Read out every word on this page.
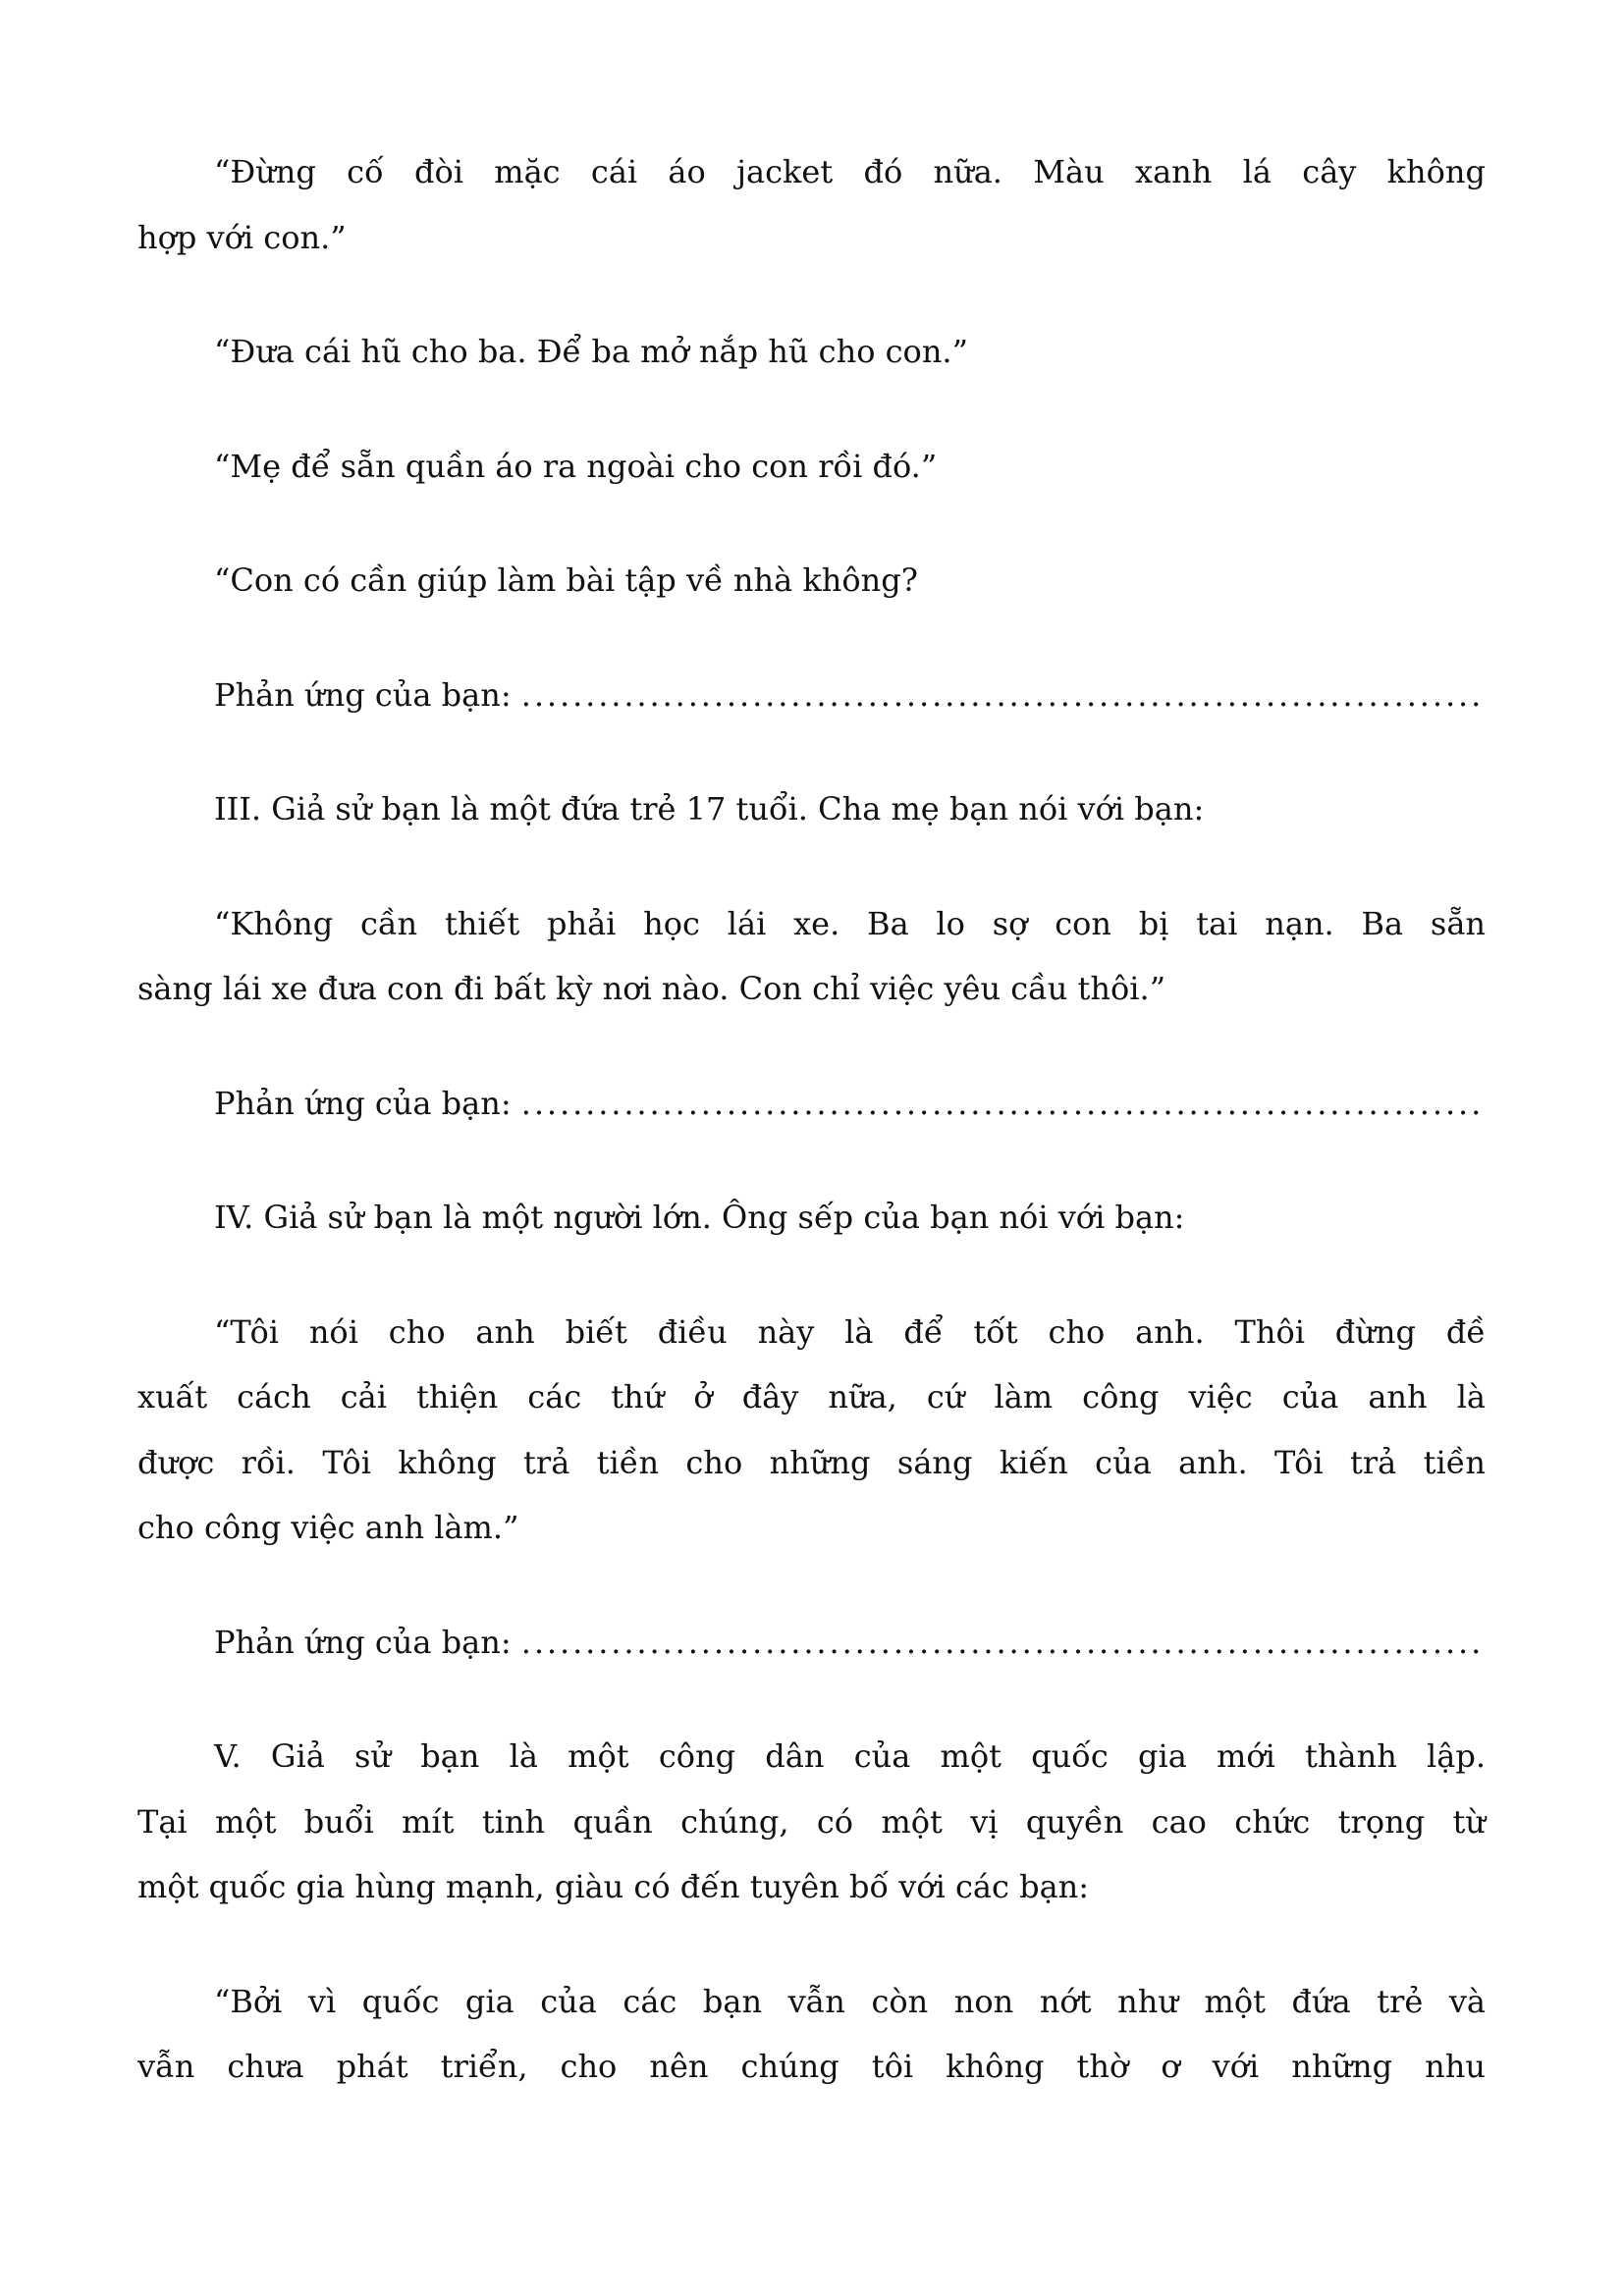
“Đừng cố đòi mặc cái áo jacket đó nữa. Màu xanh lá cây không
hợp với con.”

“Đưa cái hũ cho ba. Để ba mở nắp hũ cho con.”

“Mẹ để sẵn quần áo ra ngoài cho con rồi đó.”

“Con có cần giúp làm bài tập về nhà không?

Phản ứng của bạn: ...........................................................................

III. Giả sử bạn là một đứa trẻ 17 tuổi. Cha mẹ bạn nói với bạn:

“Không cần thiết phải học lái xe. Ba lo sợ con bị tai nạn. Ba sẵn
sàng lái xe đưa con đi bất kỳ nơi nào. Con chỉ việc yêu cầu thôi.”

Phản ứng của bạn: ...........................................................................

IV. Giả sử bạn là một người lớn. Ông sếp của bạn nói với bạn:

“Tôi nói cho anh biết điều này là để tốt cho anh. Thôi đừng đề
xuất cách cải thiện các thứ ở đây nữa, cứ làm công việc của anh là
được rồi. Tôi không trả tiền cho những sáng kiến của anh. Tôi trả tiền
cho công việc anh làm.”

Phản ứng của bạn: ...........................................................................

V. Giả sử bạn là một công dân của một quốc gia mới thành lập.
Tại một buổi mít tinh quần chúng, có một vị quyền cao chức trọng từ
một quốc gia hùng mạnh, giàu có đến tuyên bố với các bạn:

“Bởi vì quốc gia của các bạn vẫn còn non nớt như một đứa trẻ và
vẫn chưa phát triển, cho nên chúng tôi không thờ ơ với những nhu
